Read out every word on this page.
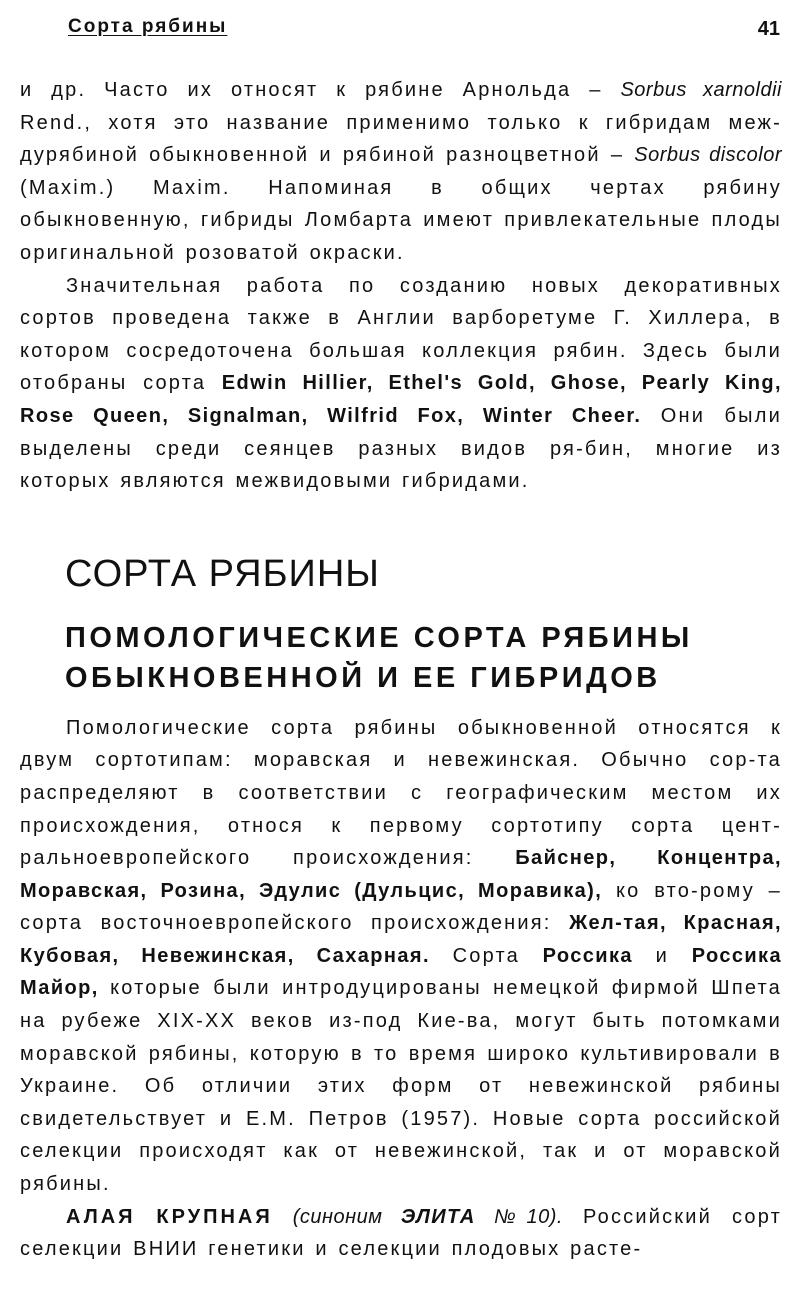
Сорта рябины	41

и др. Часто их относят к рябине Арнольда – Sorbus xarnoldii Rend., хотя это название применимо только к гибридам меж-дурябиной обыкновенной и рябиной разноцветной – Sorbus discolor (Maxim.) Maxim. Напоминая в общих чертах рябину обыкновенную, гибриды Ломбарта имеют привлекательные плоды оригинальной розоватой окраски.

Значительная работа по созданию новых декоративных сортов проведена также в Англии варборетуме Г. Хиллера, в котором сосредоточена большая коллекция рябин. Здесь были отобраны сорта Edwin Hillier, Ethel's Gold, Ghose, Pearly King, Rose Queen, Signalman, Wilfrid Fox, Winter Cheer. Они были выделены среди сеянцев разных видов ря-бин, многие из которых являются межвидовыми гибридами.

СОРТА РЯБИНЫ
ПОМОЛОГИЧЕСКИЕ СОРТА РЯБИНЫ
ОБЫКНОВЕННОЙ И ЕЕ ГИБРИДОВ

Помологические сорта рябины обыкновенной относятся к двум сортотипам: моравская и невежинская. Обычно сор-та распределяют в соответствии с географическим местом их происхождения, относя к первому сортотипу сорта цент-ральноевропейского происхождения: Байснер, Концентра, Моравская, Розина, Эдулис (Дульцис, Моравика), ко вто-рому – сорта восточноевропейского происхождения: Жел-тая, Красная, Кубовая, Невежинская, Сахарная. Сорта Россика и Россика Майор, которые были интродуцированы немецкой фирмой Шпета на рубеже XIX-XX веков из-под Кие-ва, могут быть потомками моравской рябины, которую в то время широко культивировали в Украине. Об отличии этих форм от невежинской рябины свидетельствует и Е.М. Петров (1957). Новые сорта российской селекции происходят как от невежинской, так и от моравской рябины.

АЛАЯ КРУПНАЯ (синоним ЭЛИТА №10). Российский сорт селекции ВНИИ генетики и селекции плодовых расте-
